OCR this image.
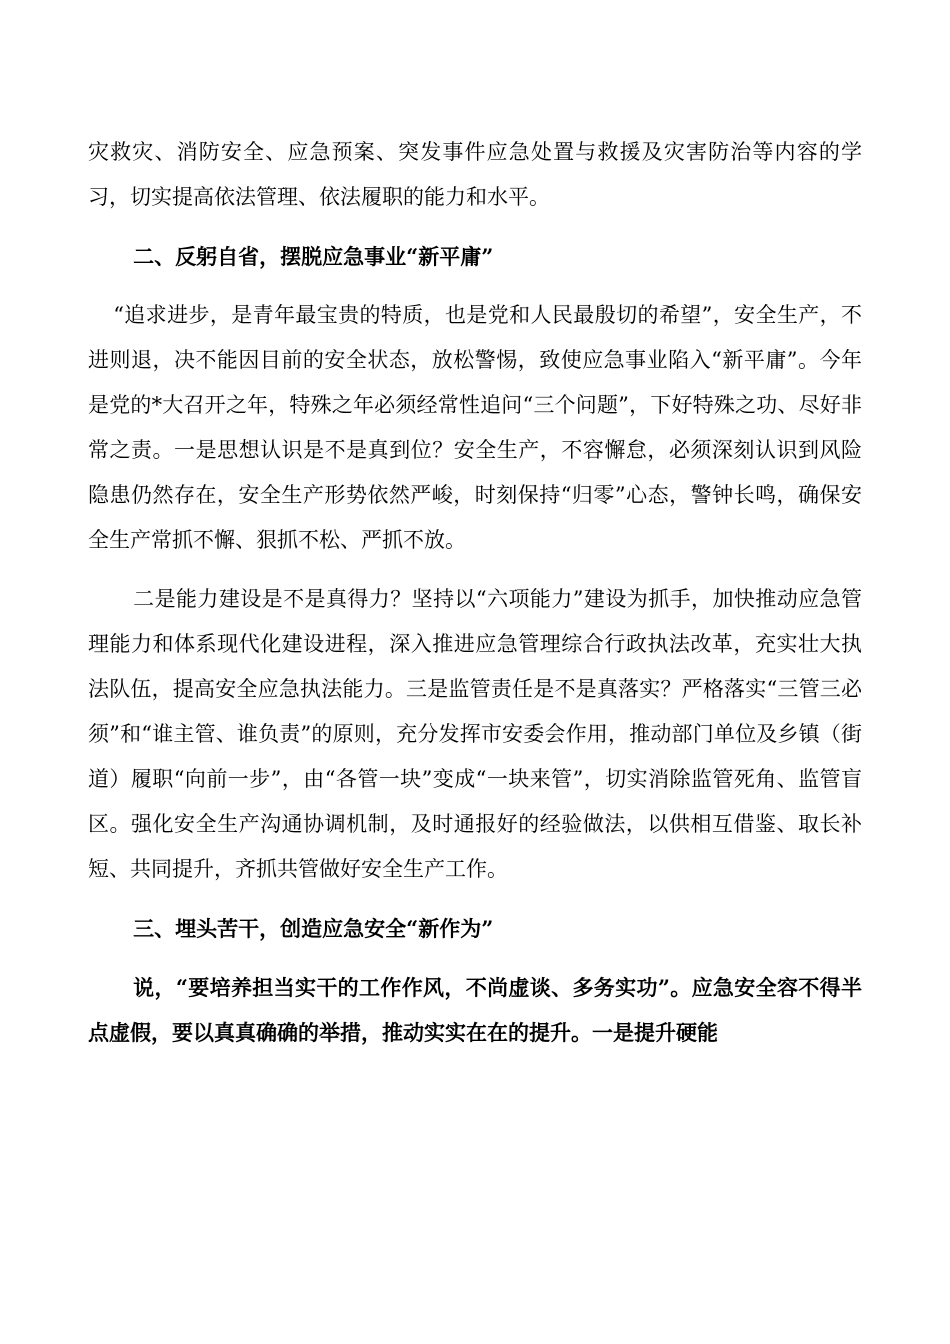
灾救灾、消防安全、应急预案、突发事件应急处置与救援及灾害防治等内容的学习，切实提高依法管理、依法履职的能力和水平。

二、反躬自省，摆脱应急事业“新平庸”

“追求进步，是青年最宝贵的特质，也是党和人民最殷切的希望”，安全生产，不进则退，决不能因目前的安全状态，放松警惕，致使应急事业陷入“新平庸”。今年是党的*大召开之年，特殊之年必须经常性追问“三个问题”，下好特殊之功、尽好非常之责。一是思想认识是不是真到位？安全生产，不容懈怠，必须深刻认识到风险隐患仍然存在，安全生产形势依然严峻，时刻保持“归零”心态，警钟长鸣，确保安全生产常抓不懈、狠抓不松、严抓不放。

二是能力建设是不是真得力？坚持以“六项能力”建设为抓手，加快推动应急管理能力和体系现代化建设进程，深入推进应急管理综合行政执法改革，充实壮大执法队伍，提高安全应急执法能力。三是监管责任是不是真落实？严格落实“三管三必须”和“谁主管、谁负责”的原则，充分发挥市安委会作用，推动部门单位及乡镇（街道）履职“向前一步”，由“各管一块”变成“一块来管”，切实消除监管死角、监管盲区。强化安全生产沟通协调机制，及时通报好的经验做法，以供相互借鉴、取长补短、共同提升，齐抓共管做好安全生产工作。

三、埋头苦干，创造应急安全“新作为”

说，“要培养担当实干的工作作风，不尚虚谈、多务实功”。应急安全容不得半点虚假，要以真真确确的举措，推动实实在在的提升。一是提升硬能
